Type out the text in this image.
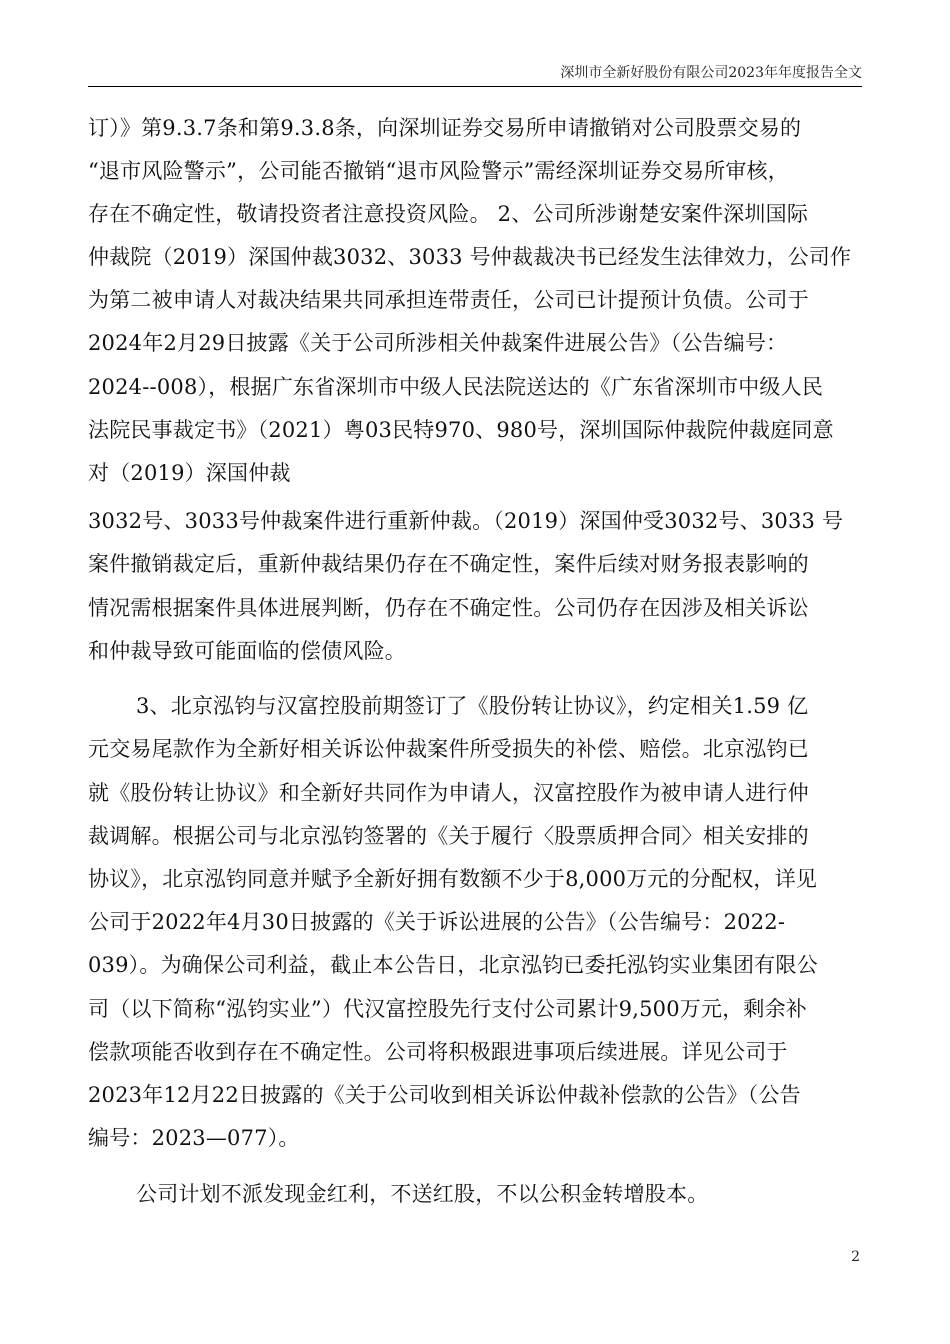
深圳市全新好股份有限公司2023年年度报告全文
订）》第9.3.7条和第9.3.8条，向深圳证券交易所申请撤销对公司股票交易的
“退市风险警示”，公司能否撤销“退市风险警示”需经深圳证券交易所审核，
存在不确定性，敬请投资者注意投资风险。 2、公司所涉谢楚安案件深圳国际
仲裁院（2019）深国仲裁3032、3033 号仲裁裁决书已经发生法律效力，公司作
为第二被申请人对裁决结果共同承担连带责任，公司已计提预计负债。公司于
2024年2月29日披露《关于公司所涉相关仲裁案件进展公告》（公告编号：
2024--008），根据广东省深圳市中级人民法院送达的《广东省深圳市中级人民
法院民事裁定书》（2021）粤03民特970、980号，深圳国际仲裁院仲裁庭同意
对（2019）深国仲裁
3032号、3033号仲裁案件进行重新仲裁。（2019）深国仲受3032号、3033 号
案件撤销裁定后，重新仲裁结果仍存在不确定性，案件后续对财务报表影响的
情况需根据案件具体进展判断，仍存在不确定性。公司仍存在因涉及相关诉讼
和仲裁导致可能面临的偿债风险。
3、北京泓钧与汉富控股前期签订了《股份转让协议》，约定相关1.59 亿
元交易尾款作为全新好相关诉讼仲裁案件所受损失的补偿、赔偿。北京泓钧已
就《股份转让协议》和全新好共同作为申请人，汉富控股作为被申请人进行仲
裁调解。根据公司与北京泓钧签署的《关于履行〈股票质押合同〉相关安排的
协议》，北京泓钧同意并赋予全新好拥有数额不少于8,000万元的分配权，详见
公司于2022年4月30日披露的《关于诉讼进展的公告》（公告编号：2022-
039）。为确保公司利益，截止本公告日，北京泓钧已委托泓钧实业集团有限公
司（以下简称“泓钧实业”）代汉富控股先行支付公司累计9,500万元，剩余补
偿款项能否收到存在不确定性。公司将积极跟进事项后续进展。详见公司于
2023年12月22日披露的《关于公司收到相关诉讼仲裁补偿款的公告》（公告
编号：2023—077）。
公司计划不派发现金红利，不送红股，不以公积金转增股本。
2
